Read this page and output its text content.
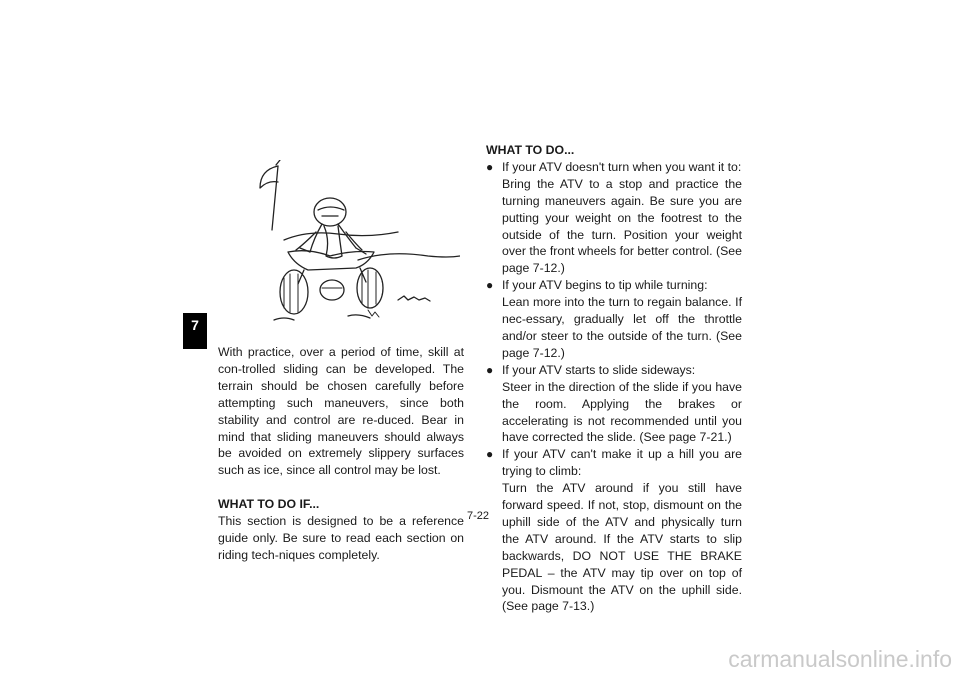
7

With practice, over a period of time, skill at con-trolled sliding can be developed. The terrain should be chosen carefully before attempting such maneuvers, since both stability and control are re-duced. Bear in mind that sliding maneuvers should always be avoided on extremely slippery surfaces such as ice, since all control may be lost.

WHAT TO DO IF...

This section is designed to be a reference guide only. Be sure to read each section on riding tech-niques completely.

WHAT TO DO...

● If your ATV doesn't turn when you want it to:

Bring the ATV to a stop and practice the turning maneuvers again. Be sure you are putting your weight on the footrest to the outside of the turn. Position your weight over the front wheels for better control. (See page 7-12.)

● If your ATV begins to tip while turning:

Lean more into the turn to regain balance. If nec-essary, gradually let off the throttle and/or steer to the outside of the turn. (See page 7-12.)

● If your ATV starts to slide sideways:

Steer in the direction of the slide if you have the room. Applying the brakes or accelerating is not recommended until you have corrected the slide. (See page 7-21.)

● If your ATV can't make it up a hill you are trying to climb:

Turn the ATV around if you still have forward speed. If not, stop, dismount on the uphill side of the ATV and physically turn the ATV around. If the ATV starts to slip backwards, DO NOT USE THE BRAKE PEDAL – the ATV may tip over on top of you. Dismount the ATV on the uphill side. (See page 7-13.)

7-22
carmanualsonline.info
